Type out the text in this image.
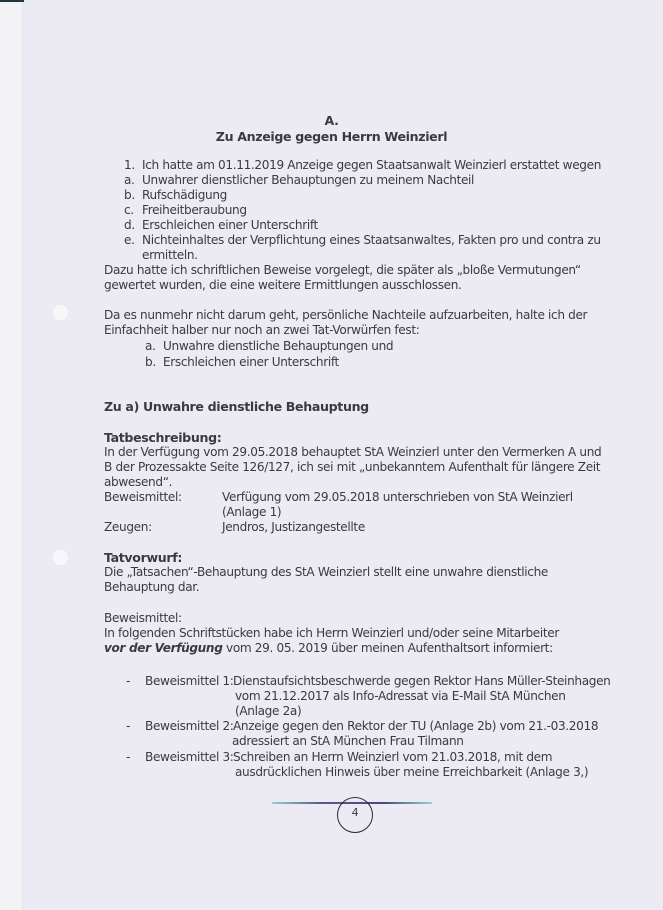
A.
Zu Anzeige gegen Herrn Weinzierl
1. Ich hatte am 01.11.2019 Anzeige gegen Staatsanwalt Weinzierl erstattet wegen
a. Unwahrer dienstlicher Behauptungen zu meinem Nachteil
b. Rufschädigung
c. Freiheitberaubung
d. Erschleichen einer Unterschrift
e. Nichteinhaltes der Verpflichtung eines Staatsanwaltes, Fakten pro und contra zu
ermitteln.
Dazu hatte ich schriftlichen Beweise vorgelegt, die später als „bloße Vermutungen“
gewertet wurden, die eine weitere Ermittlungen ausschlossen.
Da es nunmehr nicht darum geht, persönliche Nachteile aufzuarbeiten, halte ich der
Einfachheit halber nur noch an zwei Tat-Vorwürfen fest:
a. Unwahre dienstliche Behauptungen und
b. Erschleichen einer Unterschrift
Zu a) Unwahre dienstliche Behauptung
Tatbeschreibung:
In der Verfügung vom 29.05.2018 behauptet StA Weinzierl unter den Vermerken A und
B der Prozessakte Seite 126/127, ich sei mit „unbekanntem Aufenthalt für längere Zeit
abwesend“.
Beweismittel:	Verfügung vom 29.05.2018 unterschrieben von StA Weinzierl
(Anlage 1)
Zeugen:	Jendros, Justizangestellte
Tatvorwurf:
Die „Tatsachen“-Behauptung des StA Weinzierl stellt eine unwahre dienstliche
Behauptung dar.
Beweismittel:
In folgenden Schriftstücken habe ich Herrn Weinzierl und/oder seine Mitarbeiter
vor der Verfügung vom 29. 05. 2019 über meinen Aufenthaltsort informiert:
- Beweismittel 1: Dienstaufsichtsbeschwerde gegen Rektor Hans Müller-Steinhagen
vom 21.12.2017 als Info-Adressat via E-Mail StA München
(Anlage 2a)
- Beweismittel 2: Anzeige gegen den Rektor der TU (Anlage 2b) vom 21.-03.2018
adressiert an StA München Frau Tilmann
- Beweismittel 3: Schreiben an Herrn Weinzierl vom 21.03.2018, mit dem
ausdrücklichen Hinweis über meine Erreichbarkeit (Anlage 3,)
4
